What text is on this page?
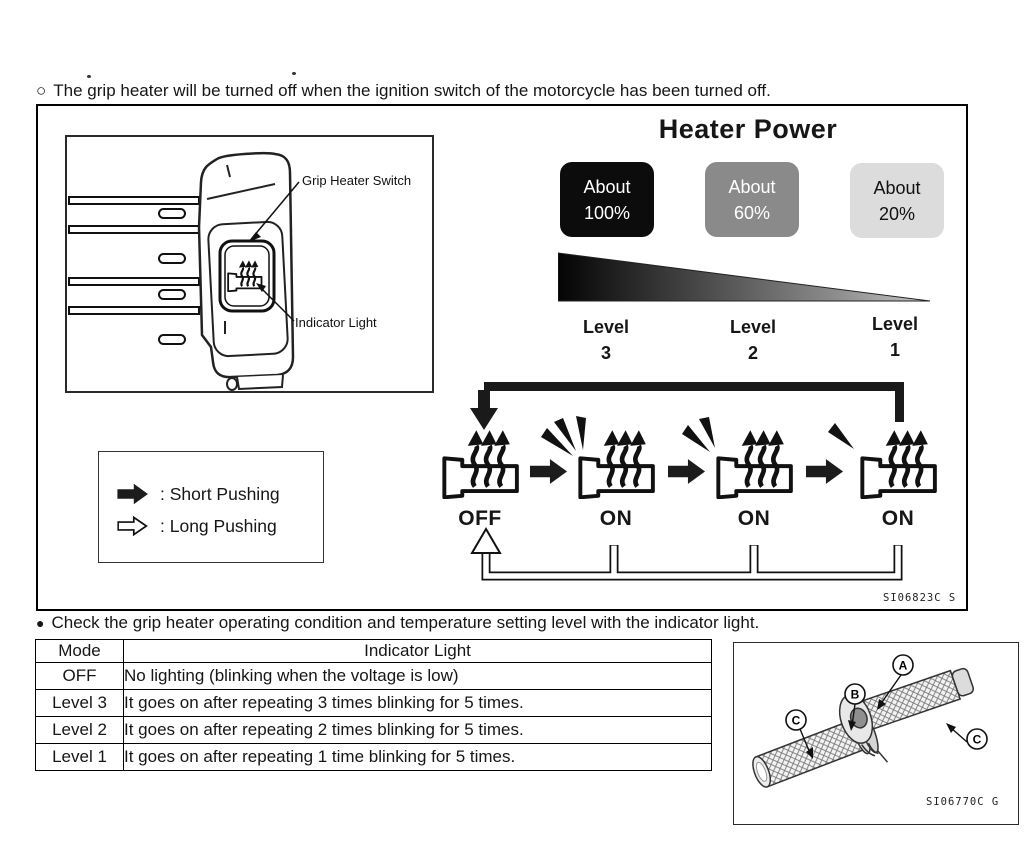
○ The grip heater will be turned off when the ignition switch of the motorcycle has been turned off.
Grip Heater Switch
Indicator Light
: Short Pushing
: Long Pushing
Heater Power
About
100%
About
60%
About
20%
Level
3
Level
2
Level
1
OFF	ON	ON	ON
SI06823C S
● Check the grip heater operating condition and temperature setting level with the indicator light.
Mode	Indicator Light
OFF	No lighting (blinking when the voltage is low)
Level 3	It goes on after repeating 3 times blinking for 5 times.
Level 2	It goes on after repeating 2 times blinking for 5 times.
Level 1	It goes on after repeating 1 time blinking for 5 times.
A
B
C
C
SI06770C G
